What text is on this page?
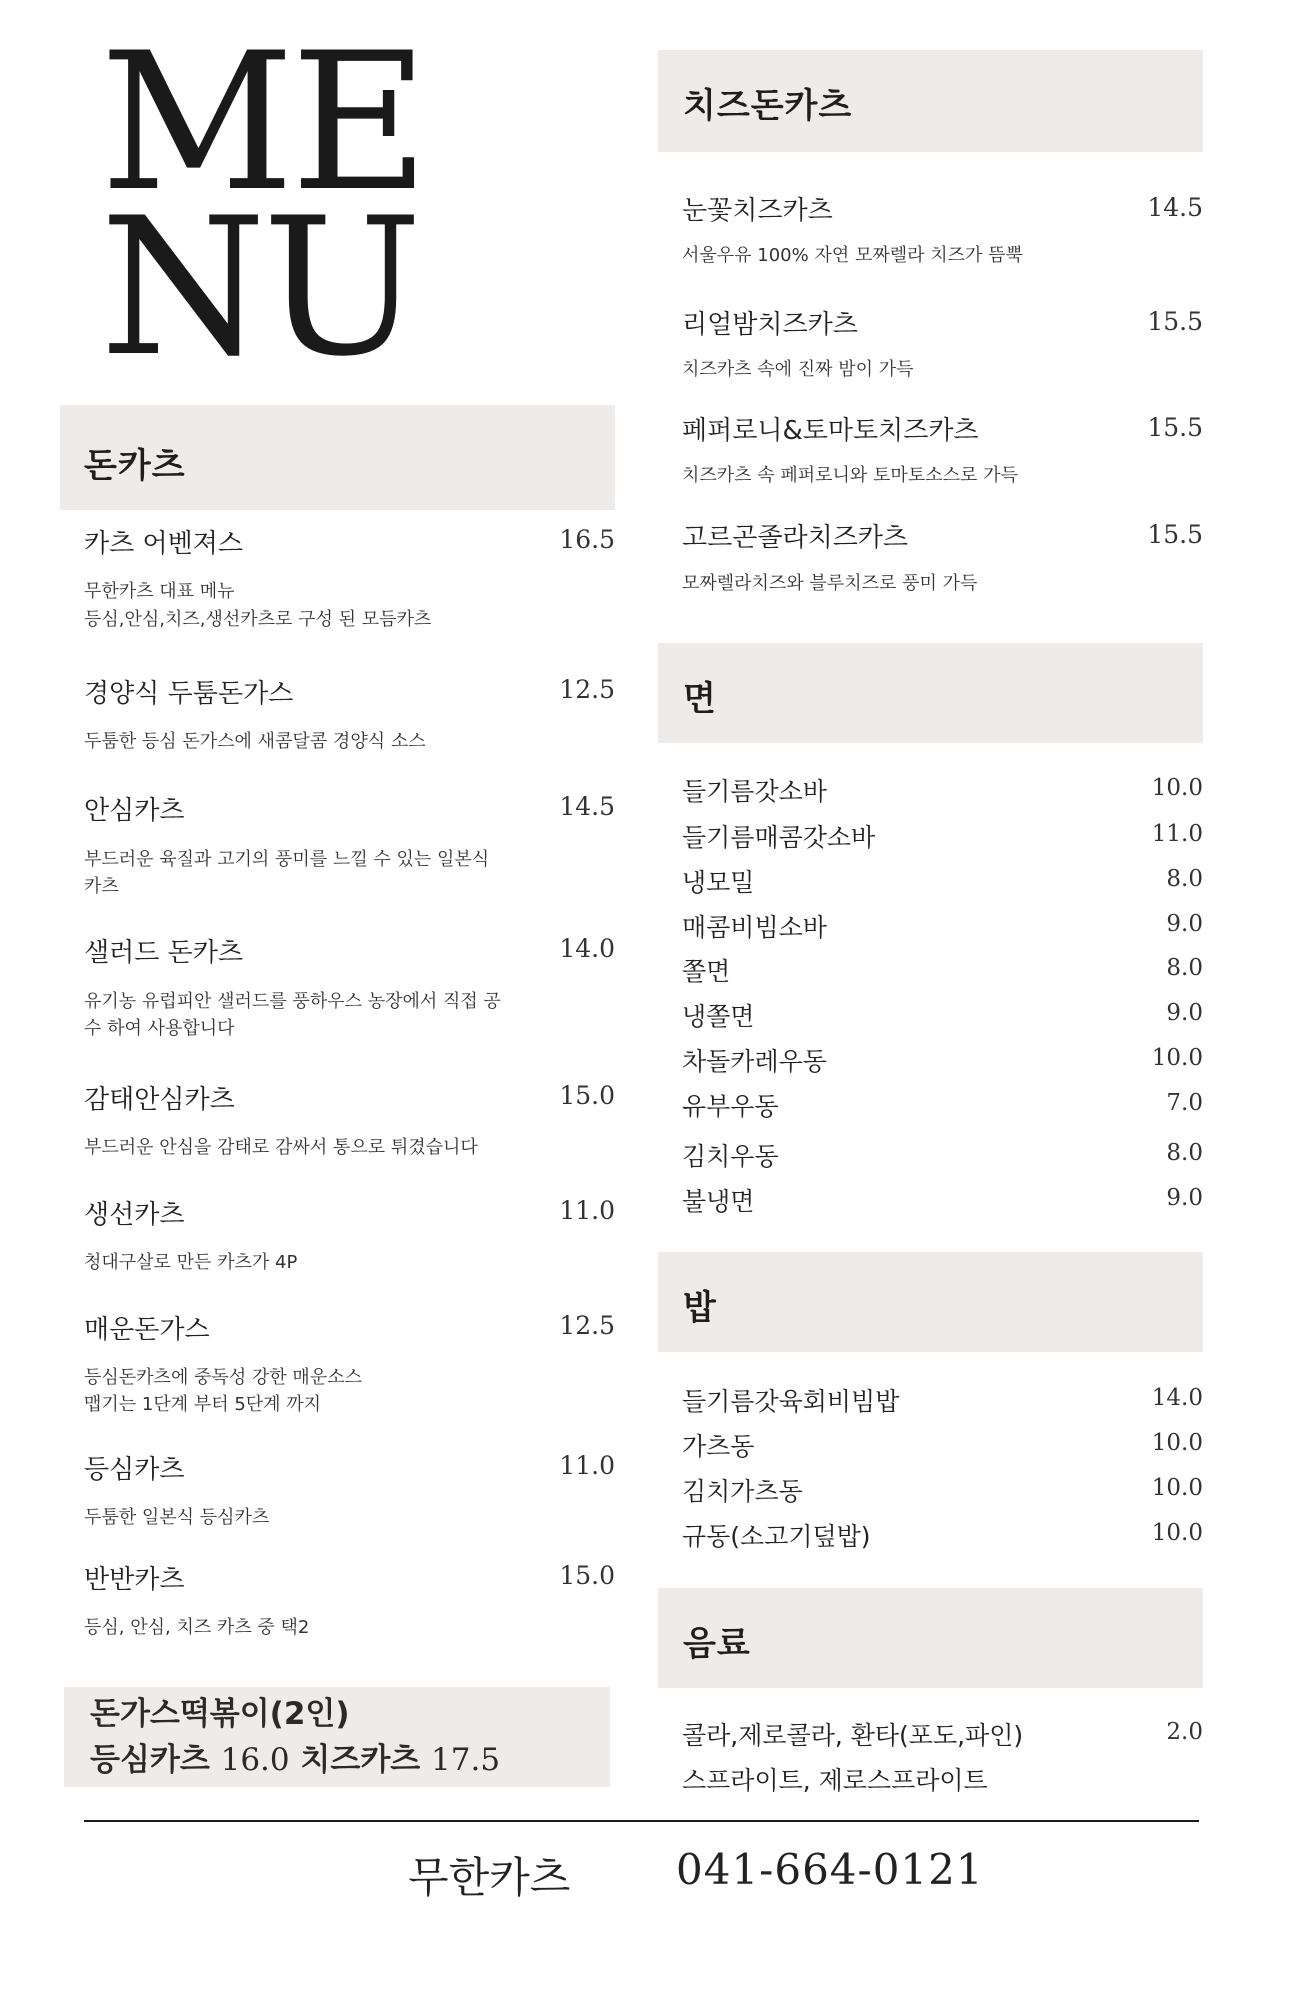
ME
NU
돈카츠
카츠 어벤져스	16.5
무한카츠 대표 메뉴
등심,안심,치즈,생선카츠로 구성 된 모듬카츠
경양식 두툼돈가스	12.5
두툼한 등심 돈가스에 새콤달콤 경양식 소스
안심카츠	14.5
부드러운 육질과 고기의 풍미를 느낄 수 있는 일본식
카츠
샐러드 돈카츠	14.0
유기농 유럽피안 샐러드를 풍하우스 농장에서 직접 공
수 하여 사용합니다
감태안심카츠	15.0
부드러운 안심을 감태로 감싸서 통으로 튀겼습니다
생선카츠	11.0
청대구살로 만든 카츠가 4P
매운돈가스	12.5
등심돈카츠에 중독성 강한 매운소스
맵기는 1단계 부터 5단계 까지
등심카츠	11.0
두툼한 일본식 등심카츠
반반카츠	15.0
등심, 안심, 치즈 카츠 중 택2
돈가스떡볶이(2인)
등심카츠 16.0 치즈카츠 17.5
치즈돈카츠
눈꽃치즈카츠	14.5
서울우유 100% 자연 모짜렐라 치즈가 뜸뿍
리얼밤치즈카츠	15.5
치즈카츠 속에 진짜 밤이 가득
페퍼로니&토마토치즈카츠	15.5
치즈카츠 속 페퍼로니와 토마토소스로 가득
고르곤졸라치즈카츠	15.5
모짜렐라치즈와 블루치즈로 풍미 가득
면
들기름갓소바	10.0
들기름매콤갓소바	11.0
냉모밀	8.0
매콤비빔소바	9.0
쫄면	8.0
냉쫄면	9.0
차돌카레우동	10.0
유부우동	7.0
김치우동	8.0
불냉면	9.0
밥
들기름갓육회비빔밥	14.0
가츠동	10.0
김치가츠동	10.0
규동(소고기덮밥)	10.0
음료
콜라,제로콜라, 환타(포도,파인)	2.0
스프라이트, 제로스프라이트
무한카츠	041-664-0121
